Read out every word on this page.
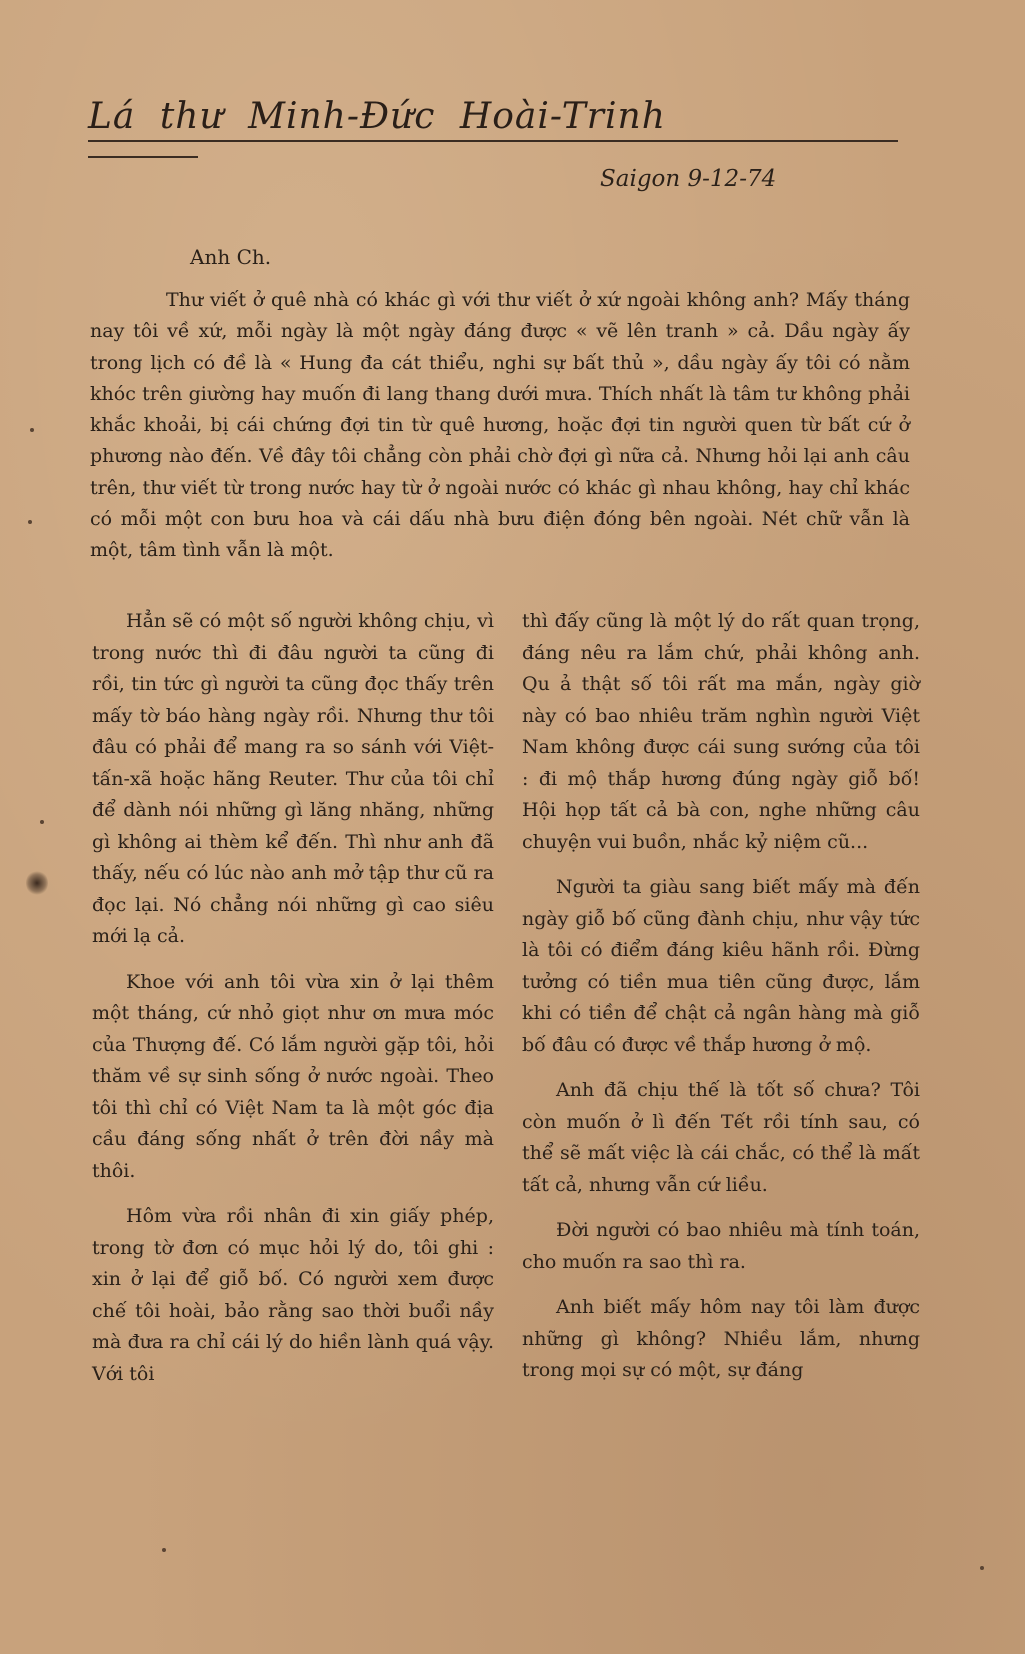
Lá thư Minh-Đức Hoài-Trinh
Saigon 9-12-74
Anh Ch.

Thư viết ở quê nhà có khác gì với thư viết ở xứ ngoài không anh? Mấy tháng nay tôi về xứ, mỗi ngày là một ngày đáng được « vẽ lên tranh » cả. Dầu ngày ấy trong lịch có đề là « Hung đa cát thiểu, nghi sự bất thủ », dầu ngày ấy tôi có nằm khóc trên giường hay muốn đi lang thang dưới mưa. Thích nhất là tâm tư không phải khắc khoải, bị cái chứng đợi tin từ quê hương, hoặc đợi tin người quen từ bất cứ ở phương nào đến. Về đây tôi chẳng còn phải chờ đợi gì nữa cả. Nhưng hỏi lại anh câu trên, thư viết từ trong nước hay từ ở ngoài nước có khác gì nhau không, hay chỉ khác có mỗi một con bưu hoa và cái dấu nhà bưu điện đóng bên ngoài. Nét chữ vẫn là một, tâm tình vẫn là một.

Hẳn sẽ có một số người không chịu, vì trong nước thì đi đâu người ta cũng đi rồi, tin tức gì người ta cũng đọc thấy trên mấy tờ báo hàng ngày rồi. Nhưng thư tôi đâu có phải để mang ra so sánh với Việt-tấn-xã hoặc hãng Reuter. Thư của tôi chỉ để dành nói những gì lăng nhăng, những gì không ai thèm kể đến. Thì như anh đã thấy, nếu có lúc nào anh mở tập thư cũ ra đọc lại. Nó chẳng nói những gì cao siêu mới lạ cả.

Khoe với anh tôi vừa xin ở lại thêm một tháng, cứ nhỏ giọt như ơn mưa móc của Thượng đế. Có lắm người gặp tôi, hỏi thăm về sự sinh sống ở nước ngoài. Theo tôi thì chỉ có Việt Nam ta là một góc địa cầu đáng sống nhất ở trên đời nầy mà thôi.

Hôm vừa rồi nhân đi xin giấy phép, trong tờ đơn có mục hỏi lý do, tôi ghi : xin ở lại để giỗ bố. Có người xem được chế tôi hoài, bảo rằng sao thời buổi nầy mà đưa ra chỉ cái lý do hiền lành quá vậy. Với tôi

thì đấy cũng là một lý do rất quan trọng, đáng nêu ra lắm chứ, phải không anh. Qu ả thật số tôi rất ma mắn, ngày giờ này có bao nhiêu trăm nghìn người Việt Nam không được cái sung sướng của tôi : đi mộ thắp hương đúng ngày giỗ bố! Hội họp tất cả bà con, nghe những câu chuyện vui buồn, nhắc kỷ niệm cũ...

Người ta giàu sang biết mấy mà đến ngày giỗ bố cũng đành chịu, như vậy tức là tôi có điểm đáng kiêu hãnh rồi. Đừng tưởng có tiền mua tiên cũng được, lắm khi có tiền để chật cả ngân hàng mà giỗ bố đâu có được về thắp hương ở mộ.

Anh đã chịu thế là tốt số chưa? Tôi còn muốn ở lì đến Tết rồi tính sau, có thể sẽ mất việc là cái chắc, có thể là mất tất cả, nhưng vẫn cứ liều.

Đời người có bao nhiêu mà tính toán, cho muốn ra sao thì ra.

Anh biết mấy hôm nay tôi làm được những gì không? Nhiều lắm, nhưng trong mọi sự có một, sự đáng
